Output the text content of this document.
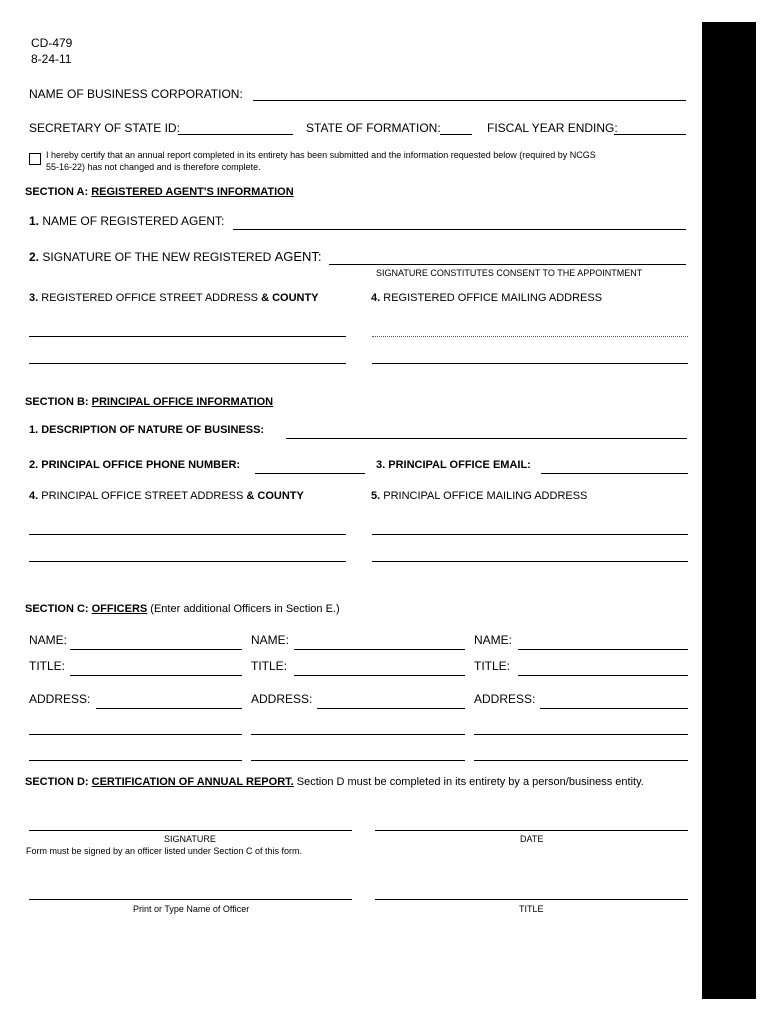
CD-479
8-24-11
NAME OF BUSINESS CORPORATION:
SECRETARY OF STATE ID:	STATE OF FORMATION:	FISCAL YEAR ENDING:
I hereby certify that an annual report completed in its entirety has been submitted and the information requested below (required by NCGS
55-16-22) has not changed and is therefore complete.
SECTION A: REGISTERED AGENT'S INFORMATION
1. NAME OF REGISTERED AGENT:
2. SIGNATURE OF THE NEW REGISTERED AGENT:
SIGNATURE CONSTITUTES CONSENT TO THE APPOINTMENT
3. REGISTERED OFFICE STREET ADDRESS & COUNTY	4. REGISTERED OFFICE MAILING ADDRESS
SECTION B: PRINCIPAL OFFICE INFORMATION
1. DESCRIPTION OF NATURE OF BUSINESS:
2. PRINCIPAL OFFICE PHONE NUMBER:	3. PRINCIPAL OFFICE EMAIL:
4. PRINCIPAL OFFICE STREET ADDRESS & COUNTY	5. PRINCIPAL OFFICE MAILING ADDRESS
SECTION C: OFFICERS (Enter additional Officers in Section E.)
NAME:
TITLE:
ADDRESS:
NAME:
TITLE:
ADDRESS:
NAME:
TITLE:
ADDRESS:
SECTION D: CERTIFICATION OF ANNUAL REPORT. Section D must be completed in its entirety by a person/business entity.
SIGNATURE	DATE
Form must be signed by an officer listed under Section C of this form.
Print or Type Name of Officer	TITLE
